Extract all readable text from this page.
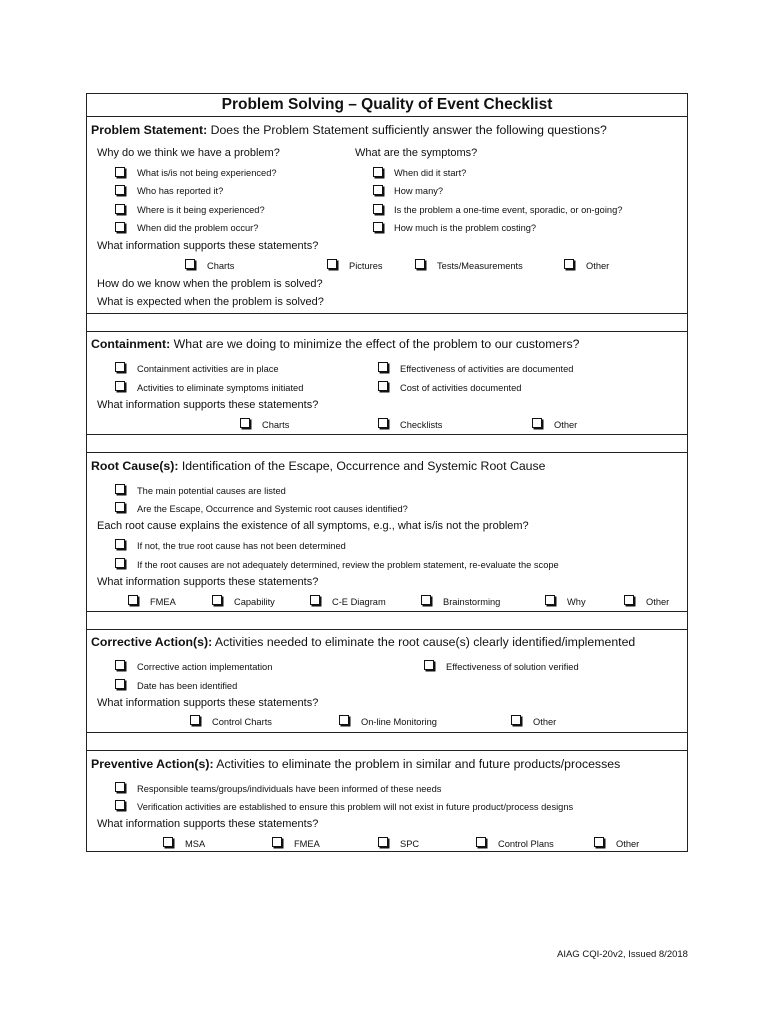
Problem Solving – Quality of Event Checklist
Problem Statement: Does the Problem Statement sufficiently answer the following questions?
Why do we think we have a problem?	What are the symptoms?
What is/is not being experienced?
Who has reported it?
Where is it being experienced?
When did the problem occur?
When did it start?
How many?
Is the problem a one-time event, sporadic, or on-going?
How much is the problem costing?
What information supports these statements?
Charts	Pictures	Tests/Measurements	Other
How do we know when the problem is solved?
What is expected when the problem is solved?
Containment: What are we doing to minimize the effect of the problem to our customers?
Containment activities are in place
Activities to eliminate symptoms initiated
Effectiveness of activities are documented
Cost of activities documented
What information supports these statements?
Charts	Checklists	Other
Root Cause(s): Identification of the Escape, Occurrence and Systemic Root Cause
The main potential causes are listed
Are the Escape, Occurrence and Systemic root causes identified?
Each root cause explains the existence of all symptoms, e.g., what is/is not the problem?
If not, the true root cause has not been determined
If the root causes are not adequately determined, review the problem statement, re-evaluate the scope
What information supports these statements?
FMEA	Capability	C-E Diagram	Brainstorming	Why	Other
Corrective Action(s): Activities needed to eliminate the root cause(s) clearly identified/implemented
Corrective action implementation
Date has been identified
Effectiveness of solution verified
What information supports these statements?
Control Charts	On-line Monitoring	Other
Preventive Action(s): Activities to eliminate the problem in similar and future products/processes
Responsible teams/groups/individuals have been informed of these needs
Verification activities are established to ensure this problem will not exist in future product/process designs
What information supports these statements?
MSA	FMEA	SPC	Control Plans	Other
AIAG CQI-20v2, Issued 8/2018
